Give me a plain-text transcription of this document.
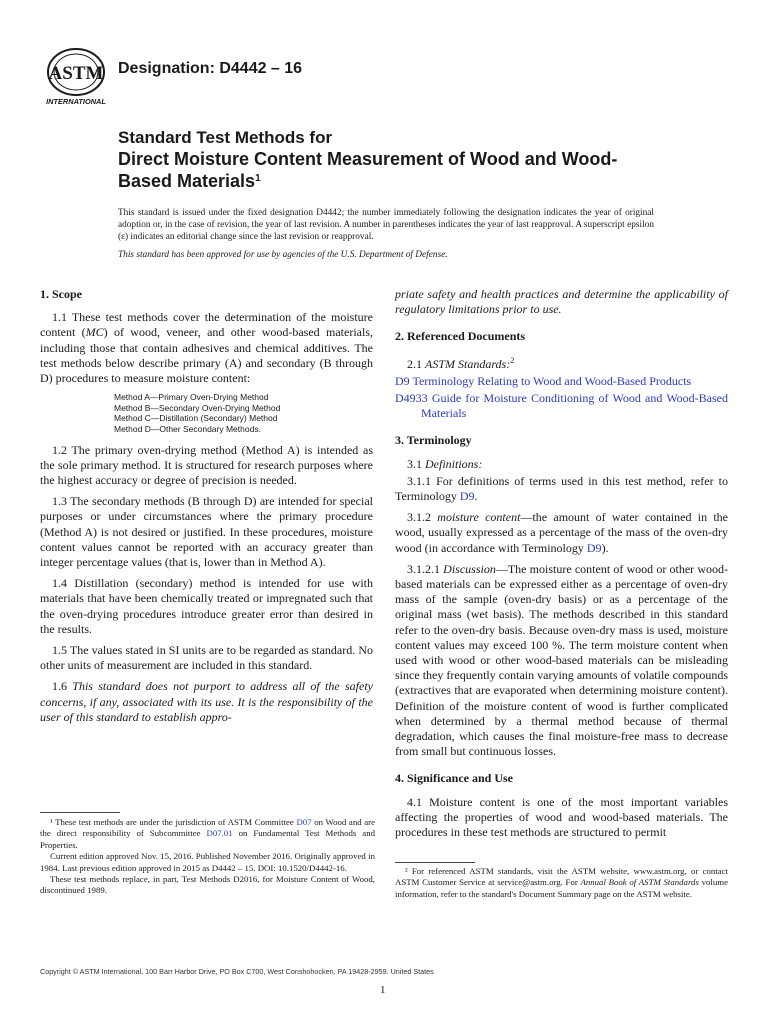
ASTM
INTERNATIONAL
Designation: D4442 – 16
Standard Test Methods for
Direct Moisture Content Measurement of Wood and Wood-
Based Materials$^1$
This standard is issued under the fixed designation D4442; the number immediately following the designation indicates the year of original adoption or, in the case of revision, the year of last revision. A number in parentheses indicates the year of last reapproval. A superscript epsilon (ε) indicates an editorial change since the last revision or reapproval.
This standard has been approved for use by agencies of the U.S. Department of Defense.
1. Scope

1.1 These test methods cover the determination of the moisture content (MC) of wood, veneer, and other wood-based materials, including those that contain adhesives and chemical additives. The test methods below describe primary (A) and secondary (B through D) procedures to measure moisture content:

Method A—Primary Oven-Drying Method
Method B—Secondary Oven-Drying Method
Method C—Distillation (Secondary) Method
Method D—Other Secondary Methods.

1.2 The primary oven-drying method (Method A) is intended as the sole primary method. It is structured for research purposes where the highest accuracy or degree of precision is needed.

1.3 The secondary methods (B through D) are intended for special purposes or under circumstances where the primary procedure (Method A) is not desired or justified. In these procedures, moisture content values cannot be reported with an accuracy greater than integer percentage values (that is, lower than in Method A).

1.4 Distillation (secondary) method is intended for use with materials that have been chemically treated or impregnated such that the oven-drying procedures introduce greater error than desired in the results.

1.5 The values stated in SI units are to be regarded as standard. No other units of measurement are included in this standard.

1.6 This standard does not purport to address all of the safety concerns, if any, associated with its use. It is the responsibility of the user of this standard to establish appro-

priate safety and health practices and determine the applicability of regulatory limitations prior to use.

2. Referenced Documents
2.1 ASTM Standards:$^2$
D9 Terminology Relating to Wood and Wood-Based Products
D4933 Guide for Moisture Conditioning of Wood and Wood-Based Materials
3. Terminology
3.1 Definitions:

3.1.1 For definitions of terms used in this test method, refer to Terminology D9.

3.1.2 moisture content—the amount of water contained in the wood, usually expressed as a percentage of the mass of the oven-dry wood (in accordance with Terminology D9).

3.1.2.1 Discussion—The moisture content of wood or other wood-based materials can be expressed either as a percentage of oven-dry mass of the sample (oven-dry basis) or as a percentage of the original mass (wet basis). The methods described in this standard refer to the oven-dry basis. Because oven-dry mass is used, moisture content values may exceed 100 %. The term moisture content when used with wood or other wood-based materials can be misleading since they frequently contain varying amounts of volatile compounds (extractives that are evaporated when determining moisture content). Definition of the moisture content of wood is further complicated when determined by a thermal method because of thermal degradation, which causes the final moisture-free mass to decrease from small but continuous losses.

4. Significance and Use

4.1 Moisture content is one of the most important variables affecting the properties of wood and wood-based materials. The procedures in these test methods are structured to permit

¹ These test methods are under the jurisdiction of ASTM Committee D07 on Wood and are the direct responsibility of Subcommittee D07.01 on Fundamental Test Methods and Properties.

Current edition approved Nov. 15, 2016. Published November 2016. Originally approved in 1984. Last previous edition approved in 2015 as D4442 – 15. DOI: 10.1520/D4442-16.

These test methods replace, in part, Test Methods D2016, for Moisture Content of Wood, discontinued 1989.

² For referenced ASTM standards, visit the ASTM website, www.astm.org, or contact ASTM Customer Service at service@astm.org. For Annual Book of ASTM Standards volume information, refer to the standard's Document Summary page on the ASTM website.

Copyright © ASTM International, 100 Barr Harbor Drive, PO Box C700, West Conshohocken, PA 19428-2959. United States
1
